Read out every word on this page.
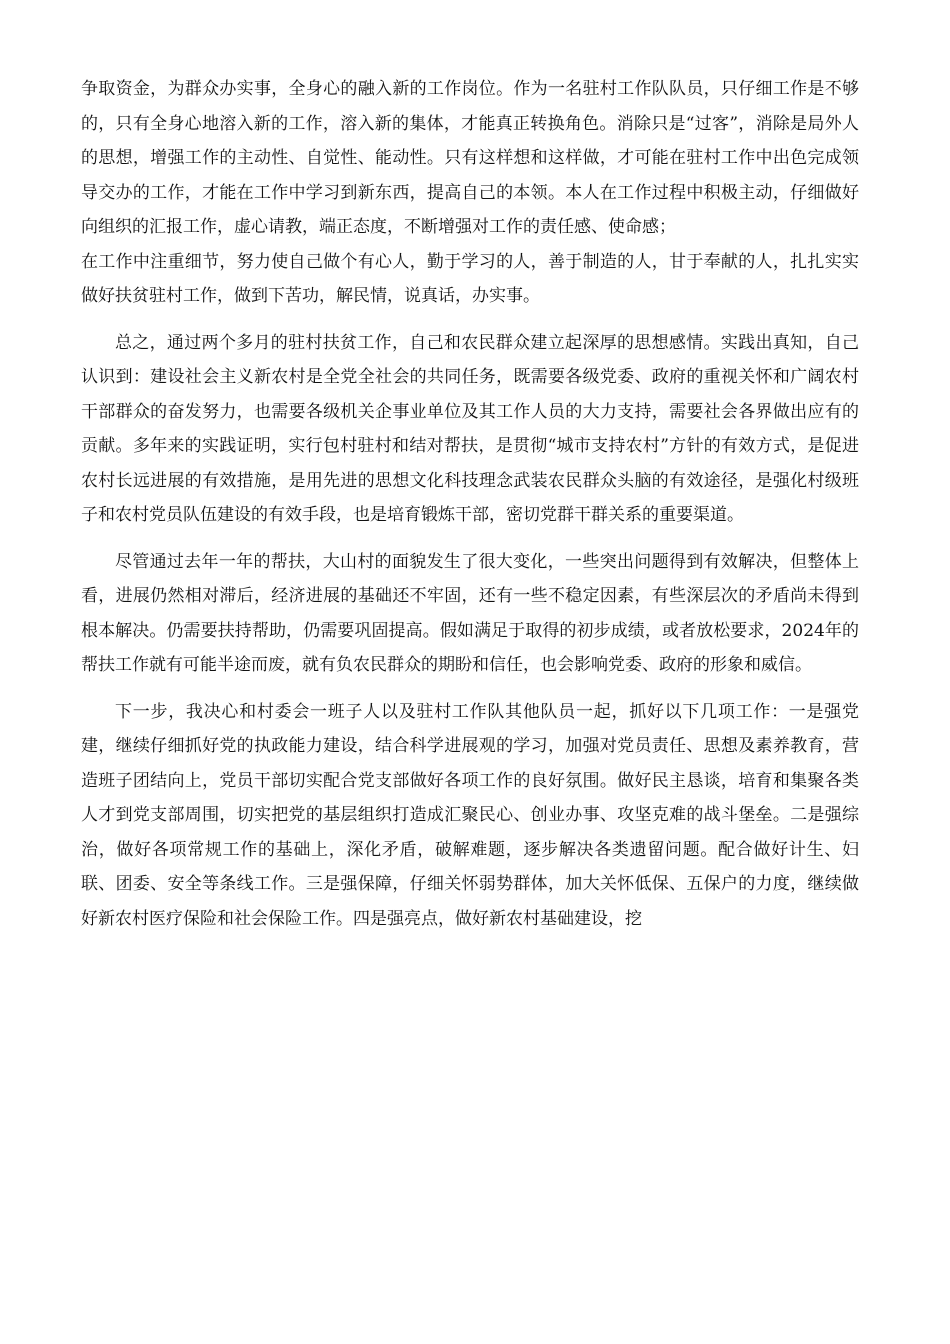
争取资金，为群众办实事，全身心的融入新的工作岗位。作为一名驻村工作队队员，只仔细工作是不够的，只有全身心地溶入新的工作，溶入新的集体，才能真正转换角色。消除只是“过客”，消除是局外人的思想，增强工作的主动性、自觉性、能动性。只有这样想和这样做，才可能在驻村工作中出色完成领导交办的工作，才能在工作中学习到新东西，提高自己的本领。本人在工作过程中积极主动，仔细做好向组织的汇报工作，虚心请教，端正态度，不断增强对工作的责任感、使命感；

在工作中注重细节，努力使自己做个有心人，勤于学习的人，善于制造的人，甘于奉献的人，扎扎实实做好扶贫驻村工作，做到下苦功，解民情，说真话，办实事。

总之，通过两个多月的驻村扶贫工作，自己和农民群众建立起深厚的思想感情。实践出真知，自己认识到：建设社会主义新农村是全党全社会的共同任务，既需要各级党委、政府的重视关怀和广阔农村干部群众的奋发努力，也需要各级机关企事业单位及其工作人员的大力支持，需要社会各界做出应有的贡献。多年来的实践证明，实行包村驻村和结对帮扶，是贯彻“城市支持农村”方针的有效方式，是促进农村长远进展的有效措施，是用先进的思想文化科技理念武装农民群众头脑的有效途径，是强化村级班子和农村党员队伍建设的有效手段，也是培育锻炼干部，密切党群干群关系的重要渠道。

尽管通过去年一年的帮扶，大山村的面貌发生了很大变化，一些突出问题得到有效解决，但整体上看，进展仍然相对滞后，经济进展的基础还不牢固，还有一些不稳定因素，有些深层次的矛盾尚未得到根本解决。仍需要扶持帮助，仍需要巩固提高。假如满足于取得的初步成绩，或者放松要求，2024年的帮扶工作就有可能半途而废，就有负农民群众的期盼和信任，也会影响党委、政府的形象和威信。

下一步，我决心和村委会一班子人以及驻村工作队其他队员一起，抓好以下几项工作：一是强党建，继续仔细抓好党的执政能力建设，结合科学进展观的学习，加强对党员责任、思想及素养教育，营造班子团结向上，党员干部切实配合党支部做好各项工作的良好氛围。做好民主恳谈，培育和集聚各类人才到党支部周围，切实把党的基层组织打造成汇聚民心、创业办事、攻坚克难的战斗堡垒。二是强综治，做好各项常规工作的基础上，深化矛盾，破解难题，逐步解决各类遗留问题。配合做好计生、妇联、团委、安全等条线工作。三是强保障，仔细关怀弱势群体，加大关怀低保、五保户的力度，继续做好新农村医疗保险和社会保险工作。四是强亮点，做好新农村基础建设，挖
